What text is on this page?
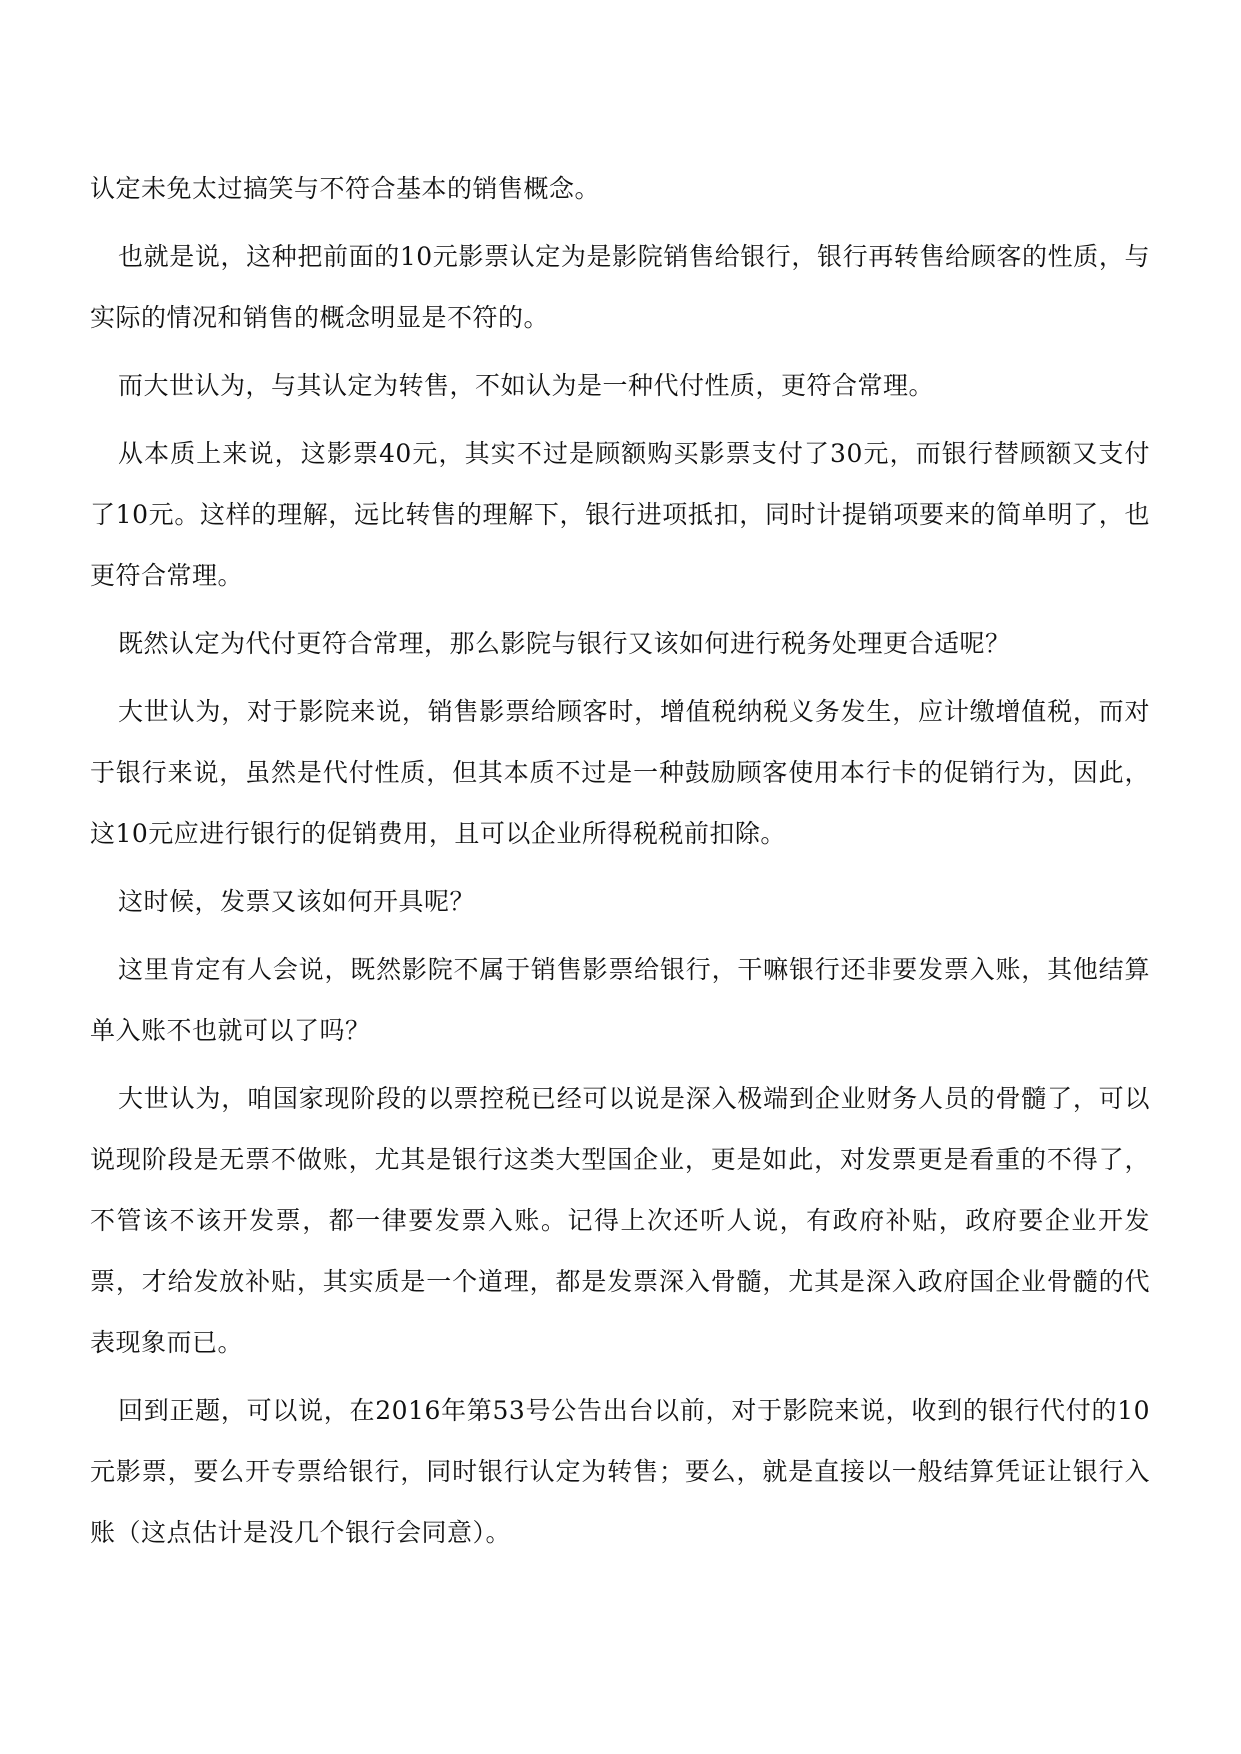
认定未免太过搞笑与不符合基本的销售概念。

也就是说，这种把前面的10元影票认定为是影院销售给银行，银行再转售给顾客的性质，与实际的情况和销售的概念明显是不符的。

而大世认为，与其认定为转售，不如认为是一种代付性质，更符合常理。

从本质上来说，这影票40元，其实不过是顾额购买影票支付了30元，而银行替顾额又支付了10元。这样的理解，远比转售的理解下，银行进项抵扣，同时计提销项要来的简单明了，也更符合常理。

既然认定为代付更符合常理，那么影院与银行又该如何进行税务处理更合适呢？

大世认为，对于影院来说，销售影票给顾客时，增值税纳税义务发生，应计缴增值税，而对于银行来说，虽然是代付性质，但其本质不过是一种鼓励顾客使用本行卡的促销行为，因此，这10元应进行银行的促销费用，且可以企业所得税税前扣除。

这时候，发票又该如何开具呢？

这里肯定有人会说，既然影院不属于销售影票给银行，干嘛银行还非要发票入账，其他结算单入账不也就可以了吗？

大世认为，咱国家现阶段的以票控税已经可以说是深入极端到企业财务人员的骨髓了，可以说现阶段是无票不做账，尤其是银行这类大型国企业，更是如此，对发票更是看重的不得了，不管该不该开发票，都一律要发票入账。记得上次还听人说，有政府补贴，政府要企业开发票，才给发放补贴，其实质是一个道理，都是发票深入骨髓，尤其是深入政府国企业骨髓的代表现象而已。

回到正题，可以说，在2016年第53号公告出台以前，对于影院来说，收到的银行代付的10元影票，要么开专票给银行，同时银行认定为转售；要么，就是直接以一般结算凭证让银行入账（这点估计是没几个银行会同意）。
